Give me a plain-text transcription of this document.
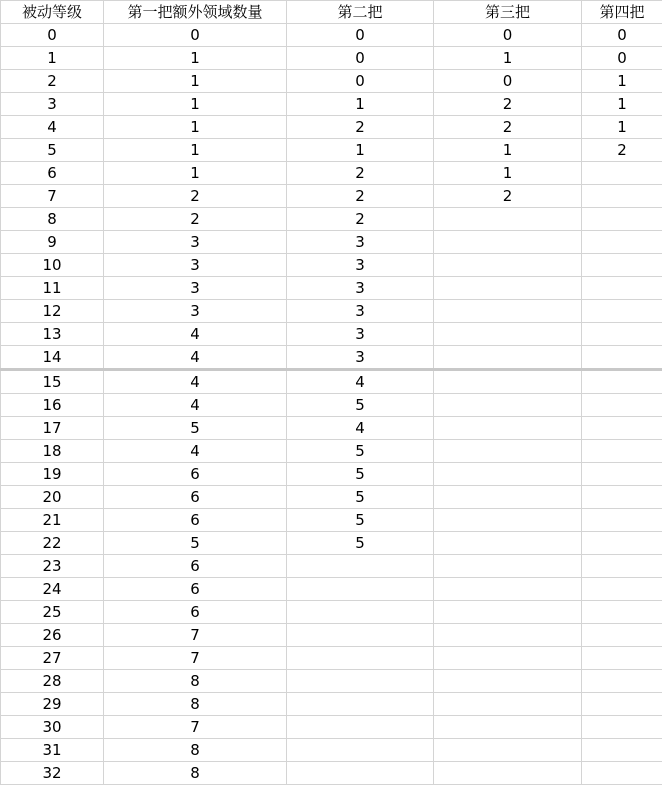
被动等级	第一把额外领域数量	第二把	第三把	第四把
0	0	0	0	0
1	1	0	1	0
2	1	0	0	1
3	1	1	2	1
4	1	2	2	1
5	1	1	1	2
6	1	2	1	
7	2	2	2	
8	2	2		
9	3	3		
10	3	3		
11	3	3		
12	3	3		
13	4	3		
14	4	3		
15	4	4		
16	4	5		
17	5	4		
18	4	5		
19	6	5		
20	6	5		
21	6	5		
22	5	5		
23	6			
24	6			
25	6			
26	7			
27	7			
28	8			
29	8			
30	7			
31	8			
32	8			
